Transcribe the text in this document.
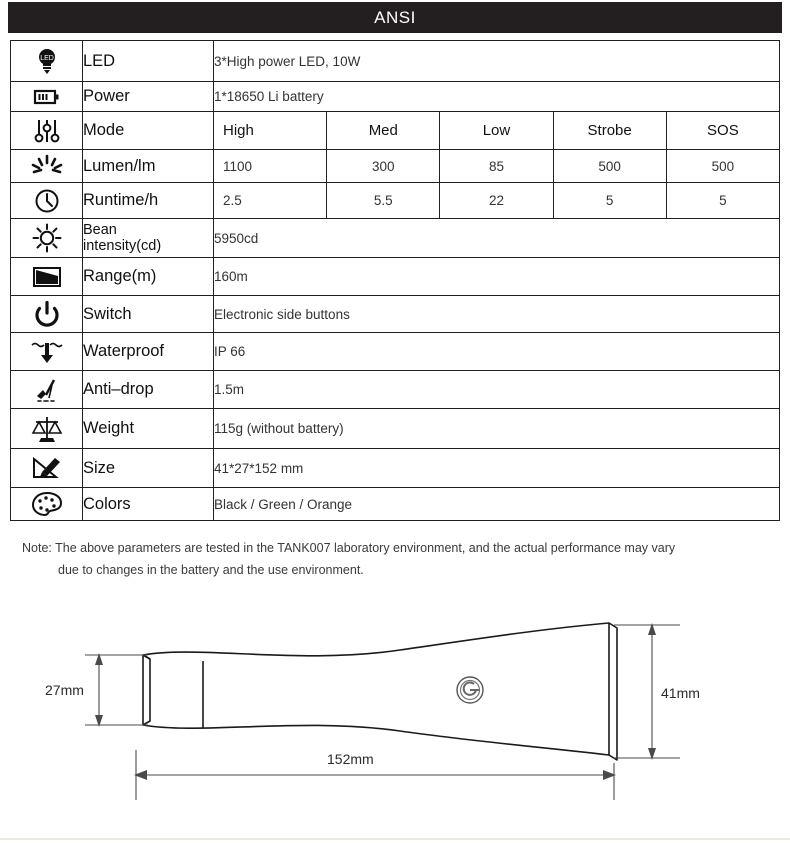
ANSI
LED	LED	3*High power LED, 10W				

	Power	1*18650 Li battery				

	Mode	High	Med	Low	Strobe	SOS

	Lumen/lm	1100	300	85	500	500

	Runtime/h	2.5	5.5	22	5	5

	Bean
intensity(cd)	5950cd				

	Range(m)	160m				

	Switch	Electronic side buttons				

	Waterproof	IP 66				

	Anti–drop	1.5m				

	Weight	115g (without battery)				

	Size	41*27*152 mm				

	Colors	Black / Green / Orange				
Note: The above parameters are tested in the TANK007 laboratory environment, and the actual performance may vary
due to changes in the battery and the use environment.
27mm	41mm
152mm
